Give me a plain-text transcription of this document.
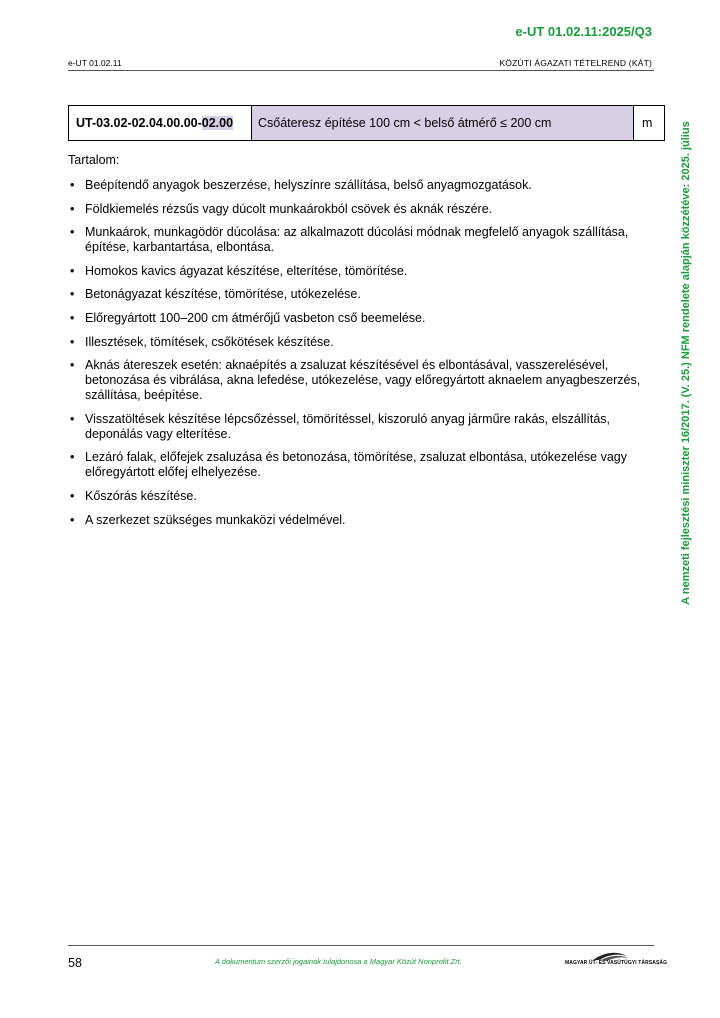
e-UT 01.02.11:2025/Q3
e-UT 01.02.11	KÖZÚTI ÁGAZATI TÉTELREND (KÁT)
UT-03.02-02.04.00.00- 02.00	Csőáteresz építése 100 cm < belső átmérő ≤ 200 cm	m
Tartalom:
• Beépítendő anyagok beszerzése, helyszínre szállítása, belső anyagmozgatások.
• Földkiemelés rézsűs vagy dúcolt munkaárokból csövek és aknák részére.
• Munkaárok, munkagödör dúcolása: az alkalmazott dúcolási módnak megfelelő anyagok szállítása, építése, karbantartása, elbontása.
• Homokos kavics ágyazat készítése, elterítése, tömörítése.
• Betonágyazat készítése, tömörítése, utókezelése.
• Előregyártott 100–200 cm átmérőjű vasbeton cső beemelése.
• Illesztések, tömítések, csőkötések készítése.
• Aknás átereszek esetén: aknaépítés a zsaluzat készítésével és elbontásával, vasszerelésével, betonozása és vibrálása, akna lefedése, utókezelése, vagy előregyártott aknaelem anyagbeszerzés, szállítása, beépítése.
• Visszatöltések készítése lépcsőzéssel, tömörítéssel, kiszoruló anyag járműre rakás, elszállítás, deponálás vagy elterítése.
• Lezáró falak, előfejek zsaluzása és betonozása, tömörítése, zsaluzat elbontása, utókezelése vagy előregyártott előfej elhelyezése.
• Kőszórás készítése.
• A szerkezet szükséges munkaközi védelmével.	A nemzeti fejlesztési miniszter 16/2017. (V. 25.) NFM rendelete alapján közzétéve: 2025. július
58	A dokumentum szerzői jogainak tulajdonosa a Magyar Közút Nonprofit Zrt.	MAGYAR ÚT- ÉS VASÚTÜGYI TÁRSASÁG
